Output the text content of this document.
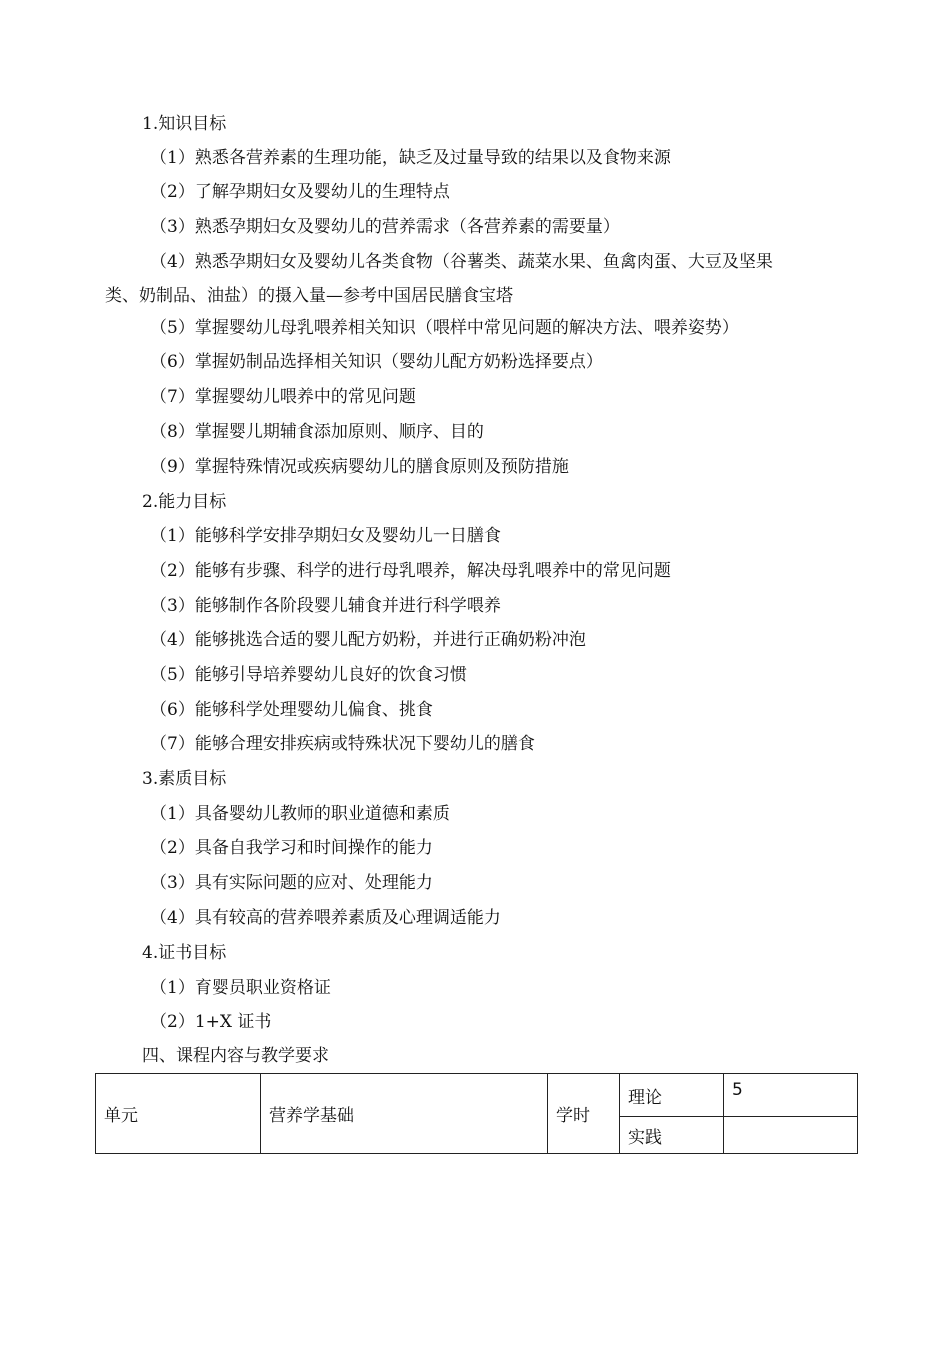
1.知识目标
（1）熟悉各营养素的生理功能，缺乏及过量导致的结果以及食物来源
（2）了解孕期妇女及婴幼儿的生理特点
（3）熟悉孕期妇女及婴幼儿的营养需求（各营养素的需要量）
（4）熟悉孕期妇女及婴幼儿各类食物（谷薯类、蔬菜水果、鱼禽肉蛋、大豆及坚果
类、奶制品、油盐）的摄入量—参考中国居民膳食宝塔
（5）掌握婴幼儿母乳喂养相关知识（喂样中常见问题的解决方法、喂养姿势）
（6）掌握奶制品选择相关知识（婴幼儿配方奶粉选择要点）
（7）掌握婴幼儿喂养中的常见问题
（8）掌握婴儿期辅食添加原则、顺序、目的
（9）掌握特殊情况或疾病婴幼儿的膳食原则及预防措施
2.能力目标
（1）能够科学安排孕期妇女及婴幼儿一日膳食
（2）能够有步骤、科学的进行母乳喂养，解决母乳喂养中的常见问题
（3）能够制作各阶段婴儿辅食并进行科学喂养
（4）能够挑选合适的婴儿配方奶粉，并进行正确奶粉冲泡
（5）能够引导培养婴幼儿良好的饮食习惯
（6）能够科学处理婴幼儿偏食、挑食
（7）能够合理安排疾病或特殊状况下婴幼儿的膳食
3.素质目标
（1）具备婴幼儿教师的职业道德和素质
（2）具备自我学习和时间操作的能力
（3）具有实际问题的应对、处理能力
（4）具有较高的营养喂养素质及心理调适能力
4.证书目标
（1）育婴员职业资格证
（2）1+X 证书
四、课程内容与教学要求
单元	营养学基础	学时	理论	5
			实践	
